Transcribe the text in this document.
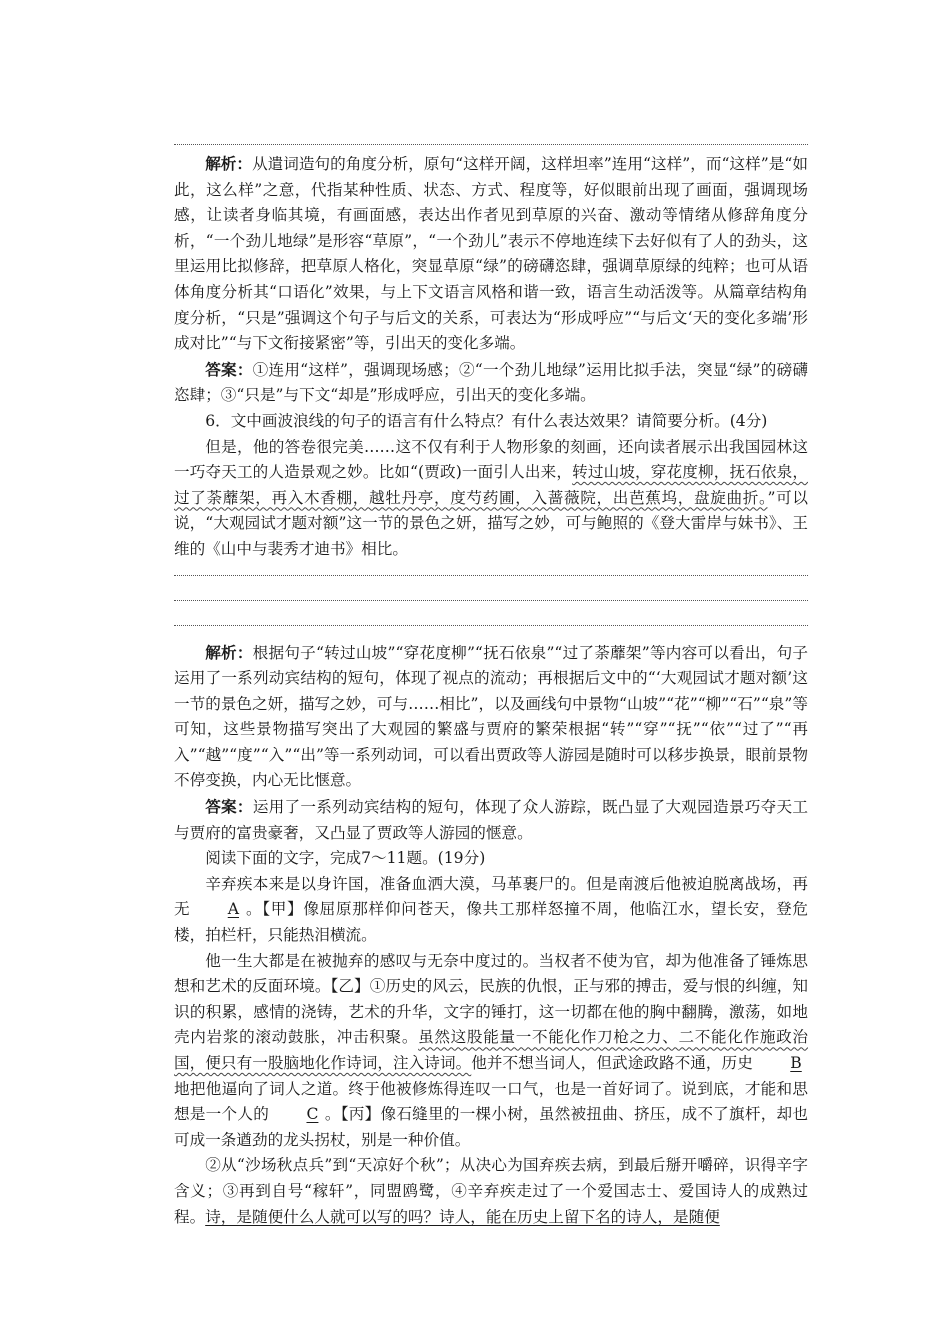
解析：从遣词造句的角度分析，原句“这样开阔，这样坦率”连用“这样”，而“这样”是“如此，这么样”之意，代指某种性质、状态、方式、程度等，好似眼前出现了画面，强调现场感，让读者身临其境，有画面感，表达出作者见到草原的兴奋、激动等情绪从修辞角度分析，“一个劲儿地绿”是形容“草原”，“一个劲儿”表示不停地连续下去好似有了人的劲头，这里运用比拟修辞，把草原人格化，突显草原“绿”的磅礴恣肆，强调草原绿的纯粹；也可从语体角度分析其“口语化”效果，与上下文语言风格和谐一致，语言生动活泼等。从篇章结构角度分析，“只是”强调这个句子与后文的关系，可表达为“形成呼应”“与后文‘天的变化多端’形成对比”“与下文衔接紧密”等，引出天的变化多端。

答案：①连用“这样”，强调现场感；②“一个劲儿地绿”运用比拟手法，突显“绿”的磅礴恣肆；③“只是”与下文“却是”形成呼应，引出天的变化多端。

6．文中画波浪线的句子的语言有什么特点？有什么表达效果？请简要分析。(4分)

但是，他的答卷很完美……这不仅有利于人物形象的刻画，还向读者展示出我国园林这一巧夺天工的人造景观之妙。比如“(贾政)一面引人出来，转过山坡，穿花度柳，抚石依泉，过了荼蘼架，再入木香棚，越牡丹亭，度芍药圃，入蔷薇院，出芭蕉坞，盘旋曲折。”可以说，“大观园试才题对额”这一节的景色之妍，描写之妙，可与鲍照的《登大雷岸与妹书》、王维的《山中与裴秀才迪书》相比。

解析：根据句子“转过山坡”“穿花度柳”“抚石依泉”“过了荼蘼架”等内容可以看出，句子运用了一系列动宾结构的短句，体现了视点的流动；再根据后文中的“‘大观园试才题对额’这一节的景色之妍，描写之妙，可与……相比”，以及画线句中景物“山坡”“花”“柳”“石”“泉”等可知，这些景物描写突出了大观园的繁盛与贾府的繁荣根据“转”“穿”“抚”“依”“过了”“再入”“越”“度”“入”“出”等一系列动词，可以看出贾政等人游园是随时可以移步换景，眼前景物不停变换，内心无比惬意。

答案：运用了一系列动宾结构的短句，体现了众人游踪，既凸显了大观园造景巧夺天工与贾府的富贵豪奢，又凸显了贾政等人游园的惬意。

阅读下面的文字，完成7～11题。(19分)

辛弃疾本来是以身许国，准备血洒大漠，马革裹尸的。但是南渡后他被迫脱离战场，再无 A 。【甲】像屈原那样仰问苍天，像共工那样怒撞不周，他临江水，望长安，登危楼，拍栏杆，只能热泪横流。

他一生大都是在被抛弃的感叹与无奈中度过的。当权者不使为官，却为他准备了锤炼思想和艺术的反面环境。【乙】①历史的风云，民族的仇恨，正与邪的搏击，爱与恨的纠缠，知识的积累，感情的浇铸，艺术的升华，文字的锤打，这一切都在他的胸中翻腾，激荡，如地壳内岩浆的滚动鼓胀，冲击积聚。虽然这股能量一不能化作刀枪之力、二不能化作施政治国，便只有一股脑地化作诗词，注入诗词。他并不想当词人，但武途政路不通，历史 B地把他逼向了词人之道。终于他被修炼得连叹一口气，也是一首好词了。说到底，才能和思想是一个人的 C 。【丙】像石缝里的一棵小树，虽然被扭曲、挤压，成不了旗杆，却也可成一条遒劲的龙头拐杖，别是一种价值。

②从“沙场秋点兵”到“天凉好个秋”；从决心为国弃疾去病，到最后掰开嚼碎，识得辛字含义；③再到自号“稼轩”，同盟鸥鹭，④辛弃疾走过了一个爱国志士、爱国诗人的成熟过程。诗，是随便什么人就可以写的吗？诗人，能在历史上留下名的诗人，是随便
